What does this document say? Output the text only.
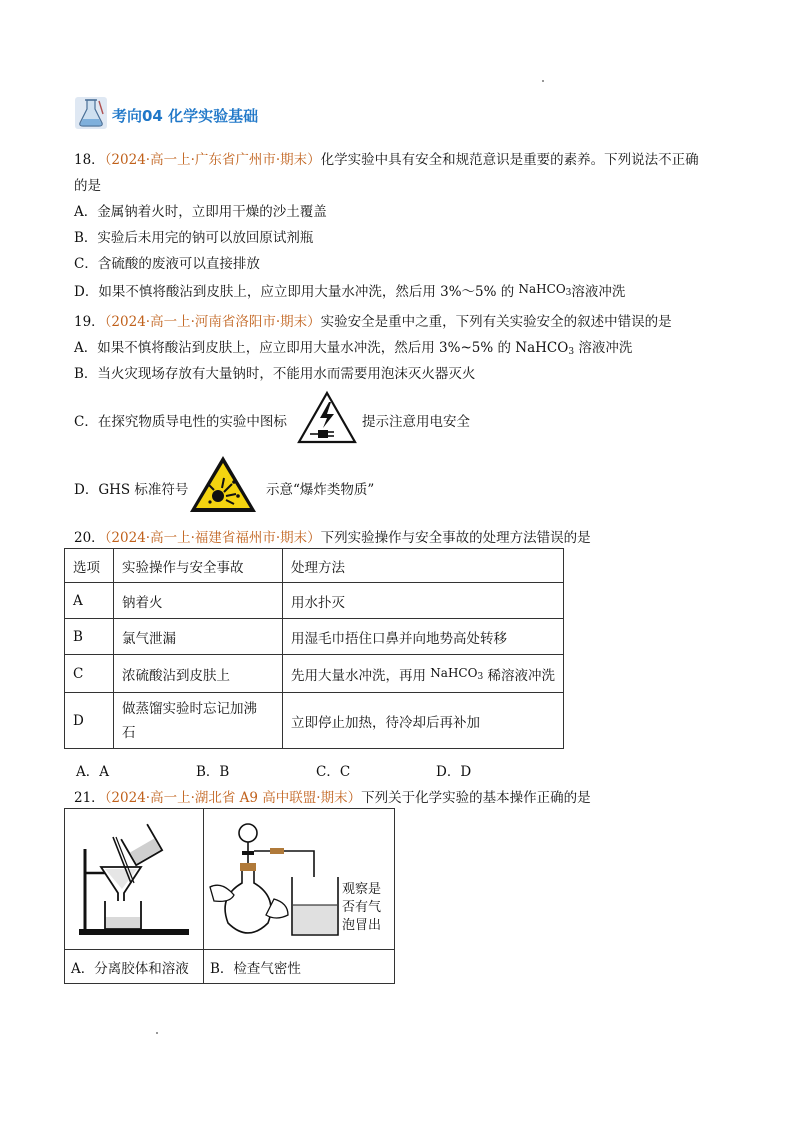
考向04 化学实验基础
18．（2024·高一上·广东省广州市·期末）化学实验中具有安全和规范意识是重要的素养。下列说法不正确
的是
A．金属钠着火时，立即用干燥的沙土覆盖
B．实验后未用完的钠可以放回原试剂瓶
C．含硫酸的废液可以直接排放
D．如果不慎将酸沾到皮肤上，应立即用大量水冲洗，然后用 3%～5% 的 NaHCO$_3$溶液冲洗
19．（2024·高一上·河南省洛阳市·期末）实验安全是重中之重，下列有关实验安全的叙述中错误的是
A．如果不慎将酸沾到皮肤上，应立即用大量水冲洗，然后用 3%~5% 的 NaHCO$_3$ 溶液冲洗
B．当火灾现场存放有大量钠时，不能用水而需要用泡沫灭火器灭火
C．在探究物质导电性的实验中图标	提示注意用电安全
D．GHS 标准符号	示意“爆炸类物质”
20．（2024·高一上·福建省福州市·期末）下列实验操作与安全事故的处理方法错误的是
选项	实验操作与安全事故	处理方法
A	钠着火	用水扑灭
B	氯气泄漏	用湿毛巾捂住口鼻并向地势高处转移
C	浓硫酸沾到皮肤上	先用大量水冲洗，再用 NaHCO$_3$ 稀溶液冲洗
D	做蒸馏实验时忘记加沸
石	立即停止加热，待冷却后再补加
A．A	B．B	C．C	D．D
21．（2024·高一上·湖北省 A9 高中联盟·期末）下列关于化学实验的基本操作正确的是

观察是
否有气
泡冒出

A．分离胶体和溶液	B．检查气密性
